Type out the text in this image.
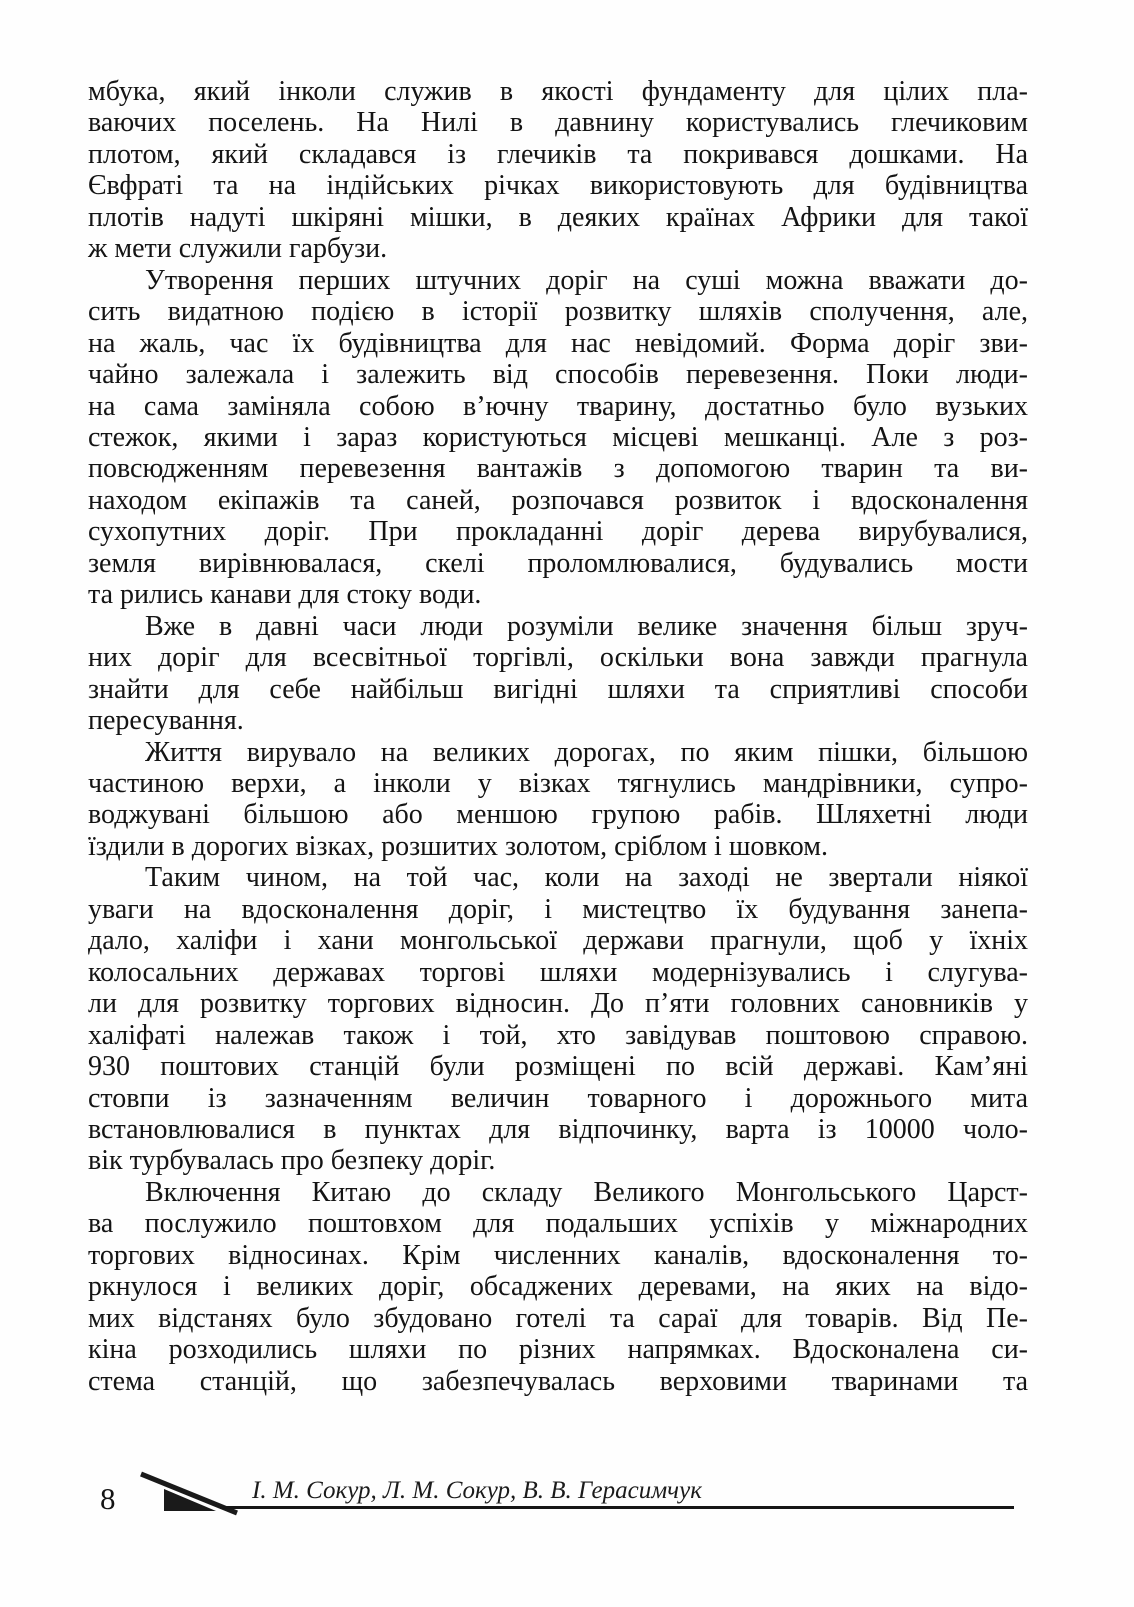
мбука, який інколи служив в якості фундаменту для цілих пла-
ваючих поселень. На Нилі в давнину користувались глечиковим
плотом, який складався із глечиків та покривався дошками. На
Євфраті та на індійських річках використовують для будівництва
плотів надуті шкіряні мішки, в деяких країнах Африки для такої
ж мети служили гарбузи.

Утворення перших штучних доріг на суші можна вважати до-
сить видатною подією в історії розвитку шляхів сполучення, але,
на жаль, час їх будівництва для нас невідомий. Форма доріг зви-
чайно залежала і залежить від способів перевезення. Поки люди-
на сама заміняла собою в’ючну тварину, достатньо було вузьких
стежок, якими і зараз користуються місцеві мешканці. Але з роз-
повсюдженням перевезення вантажів з допомогою тварин та ви-
находом екіпажів та саней, розпочався розвиток і вдосконалення
сухопутних доріг. При прокладанні доріг дерева вирубувалися,
земля вирівнювалася, скелі проломлювалися, будувались мости
та рились канави для стоку води.

Вже в давні часи люди розуміли велике значення більш зруч-
них доріг для всесвітньої торгівлі, оскільки вона завжди прагнула
знайти для себе найбільш вигідні шляхи та сприятливі способи
пересування.

Життя вирувало на великих дорогах, по яким пішки, більшою
частиною верхи, а інколи у візках тягнулись мандрівники, супро-
воджувані більшою або меншою групою рабів. Шляхетні люди
їздили в дорогих візках, розшитих золотом, сріблом і шовком.

Таким чином, на той час, коли на заході не звертали ніякої
уваги на вдосконалення доріг, і мистецтво їх будування занепа-
дало, халіфи і хани монгольської держави прагнули, щоб у їхніх
колосальних державах торгові шляхи модернізувались і слугува-
ли для розвитку торгових відносин. До п’яти головних сановників у
халіфаті належав також і той, хто завідував поштовою справою.
930 поштових станцій були розміщені по всій державі. Кам’яні
стовпи із зазначенням величин товарного і дорожнього мита
встановлювалися в пунктах для відпочинку, варта із 10000 чоло-
вік турбувалась про безпеку доріг.

Включення Китаю до складу Великого Монгольського Царст-
ва послужило поштовхом для подальших успіхів у міжнародних
торгових відносинах. Крім численних каналів, вдосконалення то-
ркнулося і великих доріг, обсаджених деревами, на яких на відо-
мих відстанях було збудовано готелі та сараї для товарів. Від Пе-
кіна розходились шляхи по різних напрямках. Вдосконалена си-
стема станцій, що забезпечувалась верховими тваринами та

8	І. М. Сокур, Л. М. Сокур, В. В. Герасимчук
